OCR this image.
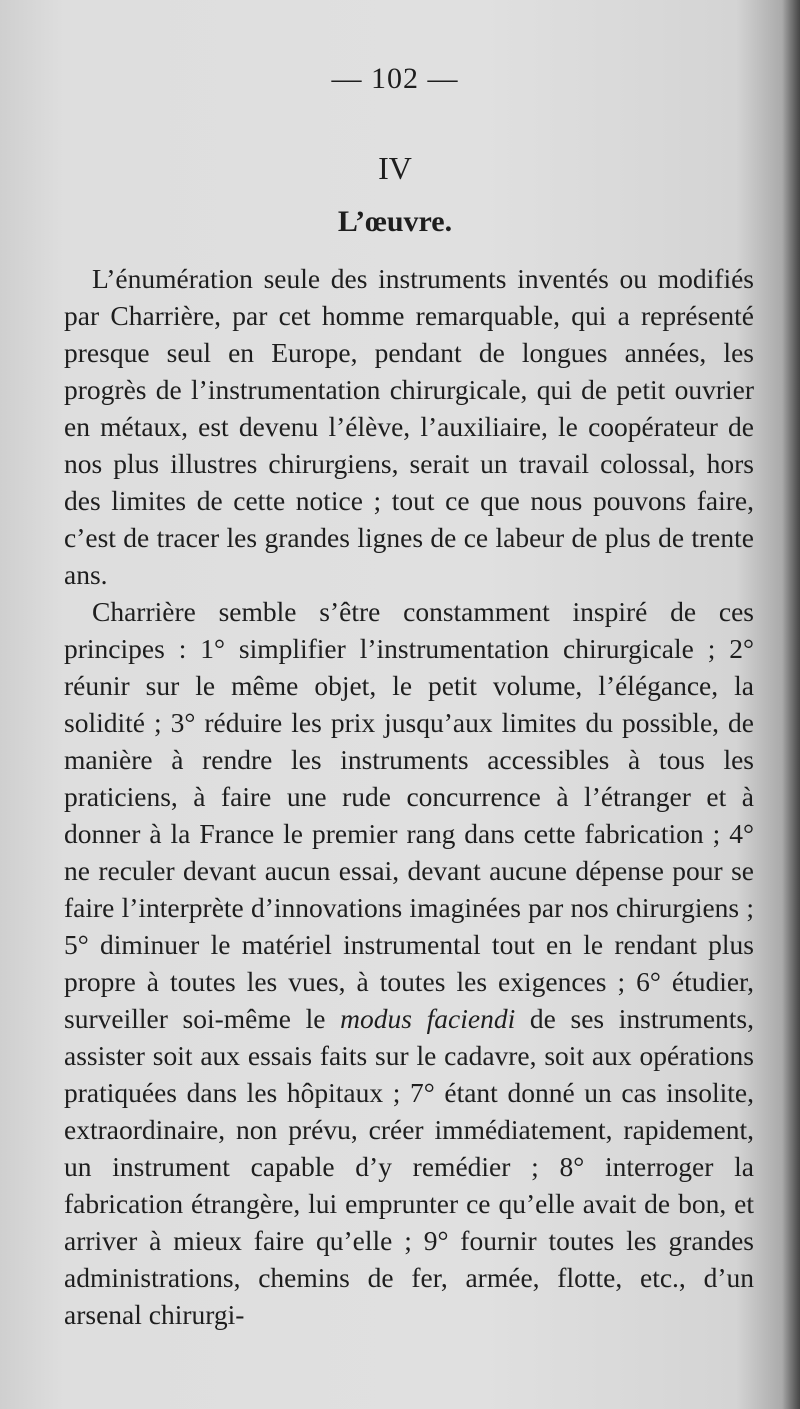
— 102 —
IV
L’œuvre.

L’énumération seule des instruments inventés ou modifiés par Charrière, par cet homme remarquable, qui a représenté presque seul en Europe, pendant de longues années, les progrès de l’instrumentation chirurgicale, qui de petit ouvrier en métaux, est devenu l’élève, l’auxiliaire, le coopérateur de nos plus illustres chirurgiens, serait un travail colossal, hors des limites de cette notice ; tout ce que nous pouvons faire, c’est de tracer les grandes lignes de ce labeur de plus de trente ans.

Charrière semble s’être constamment inspiré de ces principes : 1° simplifier l’instrumentation chirurgicale ; 2° réunir sur le même objet, le petit volume, l’élégance, la solidité ; 3° réduire les prix jusqu’aux limites du possible, de manière à rendre les instruments accessibles à tous les praticiens, à faire une rude concurrence à l’étranger et à donner à la France le premier rang dans cette fabrication ; 4° ne reculer devant aucun essai, devant aucune dépense pour se faire l’interprète d’innovations imaginées par nos chirurgiens ; 5° diminuer le matériel instrumental tout en le rendant plus propre à toutes les vues, à toutes les exigences ; 6° étudier, surveiller soi-même le modus faciendi de ses instruments, assister soit aux essais faits sur le cadavre, soit aux opérations pratiquées dans les hôpitaux ; 7° étant donné un cas insolite, extraordinaire, non prévu, créer immédiatement, rapidement, un instrument capable d’y remédier ; 8° interroger la fabrication étrangère, lui emprunter ce qu’elle avait de bon, et arriver à mieux faire qu’elle ; 9° fournir toutes les grandes administrations, chemins de fer, armée, flotte, etc., d’un arsenal chirurgi-
